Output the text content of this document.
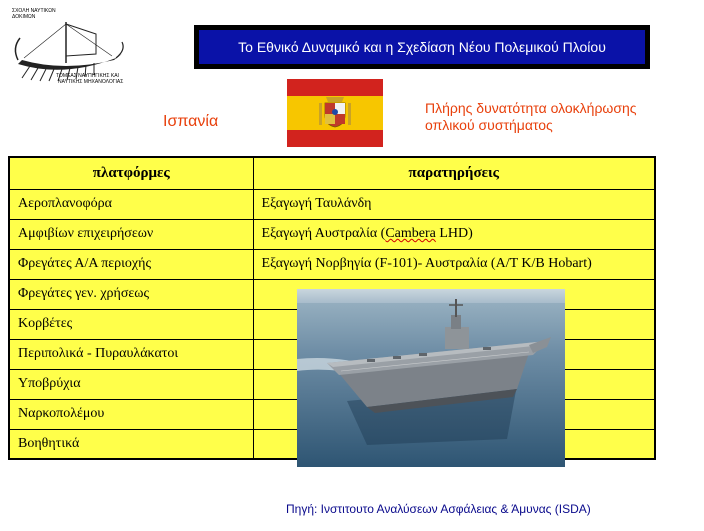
ΣΧΟΛΗ ΝΑΥΤΙΚΩΝ
ΔΟΚΙΜΩΝ
ΤΟΜΕΑΣ ΝΑΥΠΗΓΙΚΗΣ ΚΑΙ
ΝΑΥΤΙΚΗΣ ΜΗΧΑΝΟΛΟΓΙΑΣ
Το Εθνικό Δυναμικό και η Σχεδίαση Νέου Πολεμικού Πλοίου
Ισπανία
Πλήρης δυνατότητα ολοκλήρωσης οπλικού συστήματος
πλατφόρμες	παρατηρήσεις
Αεροπλανοφόρα	Εξαγωγή Ταυλάνδη
Αμφιβίων επιχειρήσεων	Εξαγωγή Αυστραλία (Cambera LHD)
Φρεγάτες Α/Α περιοχής	Εξαγωγή Νορβηγία (F-101)- Αυστραλία (Α/Τ Κ/Β Hobart)
Φρεγάτες γεν. χρήσεως	
Κορβέτες	
Περιπολικά - Πυραυλάκατοι	
Υποβρύχια	
Ναρκοπολέμου	
Βοηθητικά	
Πηγή: Ινστιτουτο Αναλύσεων Ασφάλειας & Άμυνας (ISDA)
